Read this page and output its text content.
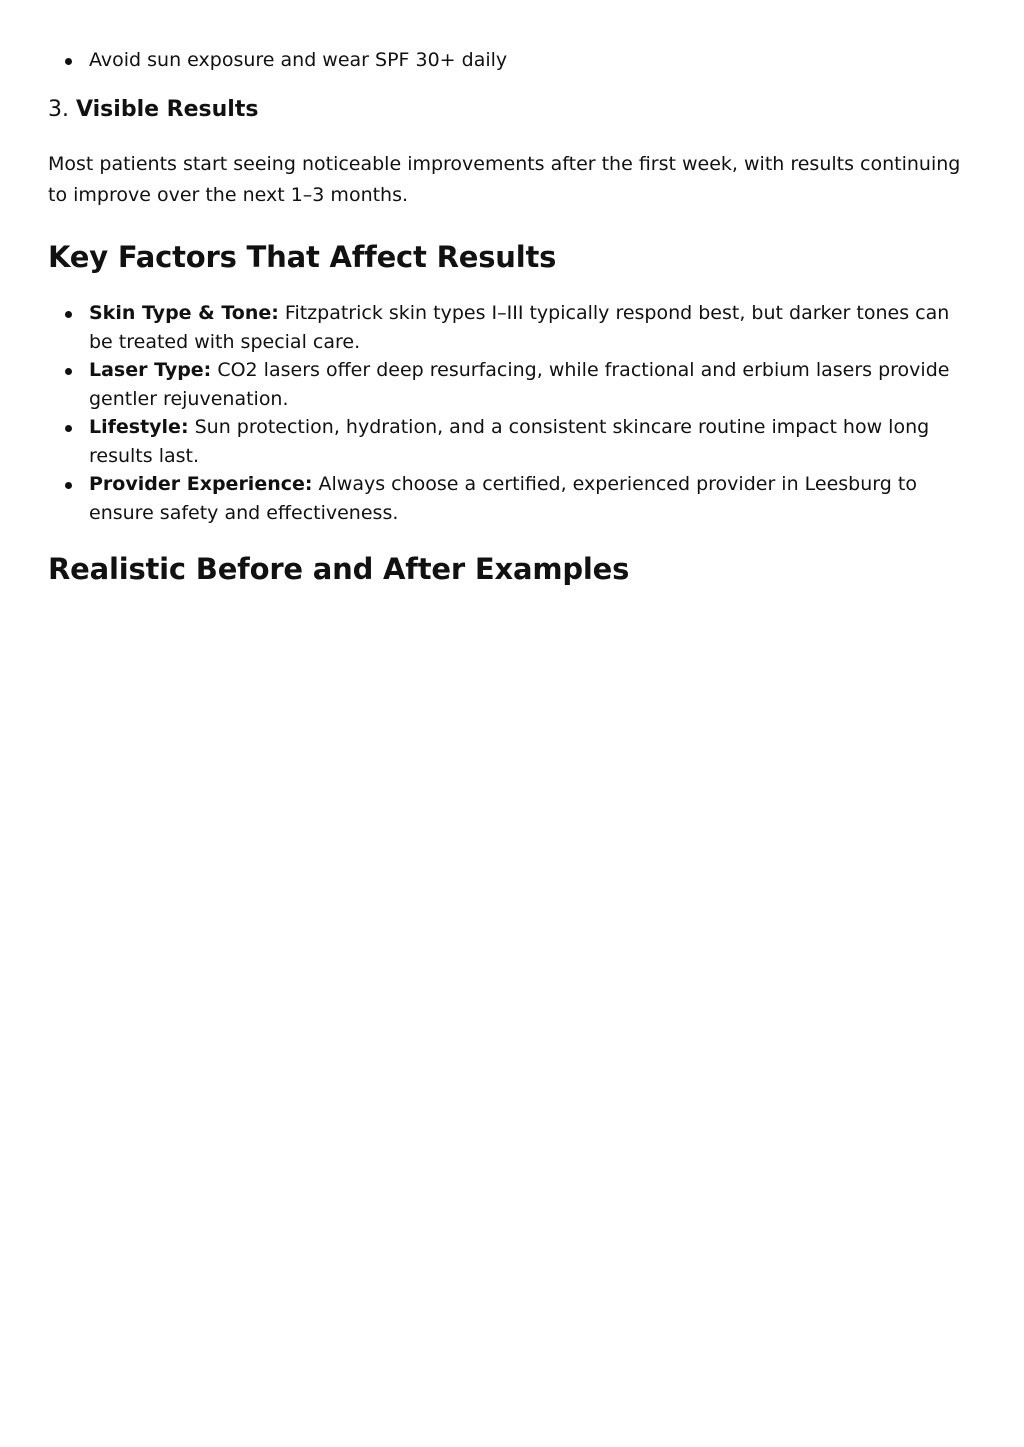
Avoid sun exposure and wear SPF 30+ daily
3. Visible Results

Most patients start seeing noticeable improvements after the first week, with results continuing to improve over the next 1–3 months.

Key Factors That Affect Results
Skin Type & Tone: Fitzpatrick skin types I–III typically respond best, but darker tones can be treated with special care.
Laser Type: CO2 lasers offer deep resurfacing, while fractional and erbium lasers provide gentler rejuvenation.
Lifestyle: Sun protection, hydration, and a consistent skincare routine impact how long results last.
Provider Experience: Always choose a certified, experienced provider in Leesburg to ensure safety and effectiveness.
Realistic Before and After Examples
